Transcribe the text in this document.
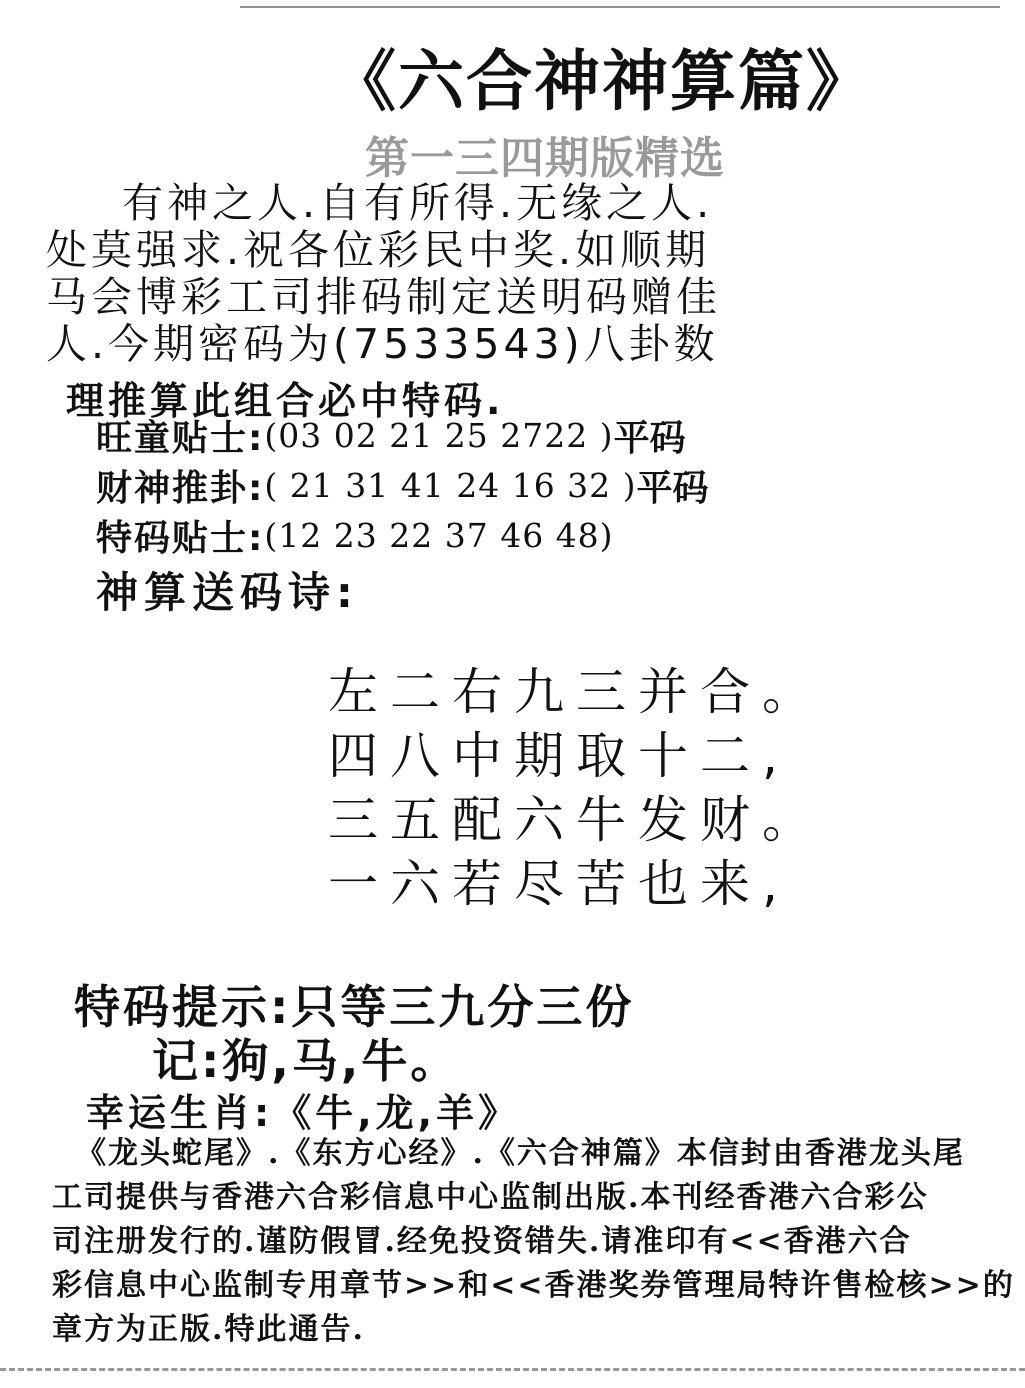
《六合神神算篇》
第一三四期版精选
有神之人.自有所得.无缘之人.
处莫强求.祝各位彩民中奖.如顺期
马会博彩工司排码制定送明码赠佳
人.今期密码为(7533543)八卦数
理推算此组合必中特码.
旺童贴士: (03 02 21 25 2722 ) 平码
财神推卦: ( 21 31 41 24 16 32 ) 平码
特码贴士: (12 23 22 37 46 48)
神算送码诗:
左二右九三并合。
四八中期取十二,
三五配六牛发财。
一六若尽苦也来,
特码提示:只等三九分三份
记:狗,马,牛。
幸运生肖:《牛,龙,羊》
《龙头蛇尾》.《东方心经》.《六合神篇》本信封由香港龙头尾
工司提供与香港六合彩信息中心监制出版.本刊经香港六合彩公
司注册发行的.谨防假冒.经免投资错失.请准印有<<香港六合
彩信息中心监制专用章节>>和<<香港奖券管理局特许售检核>>的
章方为正版.特此通告.
